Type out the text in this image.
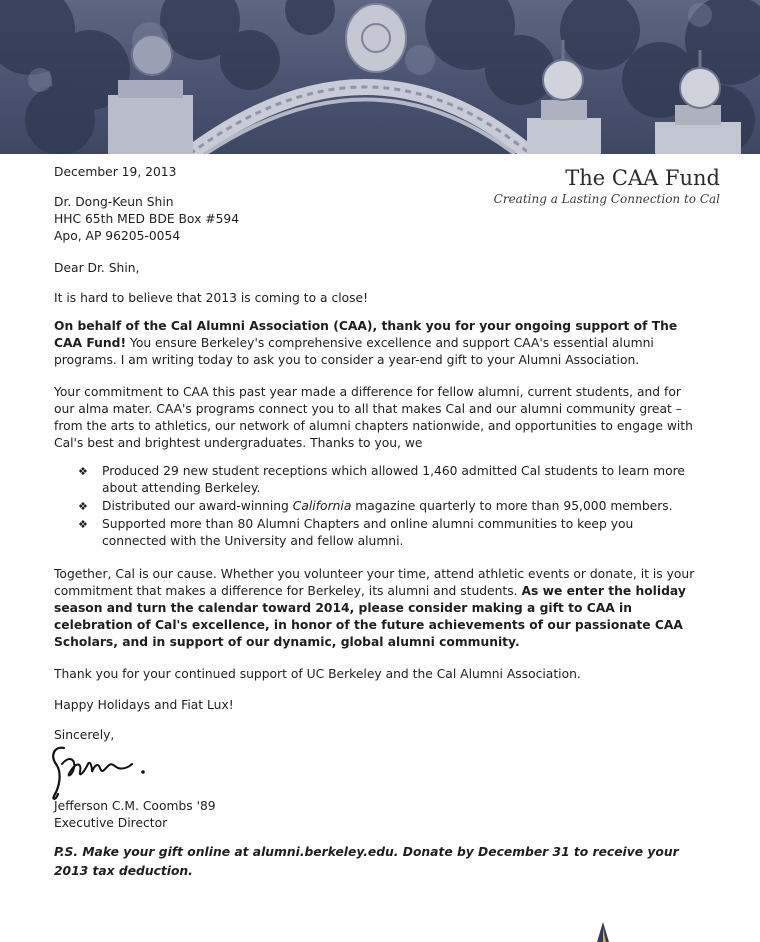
The CAA Fund
Creating a Lasting Connection to Cal
December 19, 2013
Dr. Dong-Keun Shin
HHC 65th MED BDE Box #594
Apo, AP 96205-0054
Dear Dr. Shin,
It is hard to believe that 2013 is coming to a close!
On behalf of the Cal Alumni Association (CAA), thank you for your ongoing support of The CAA Fund! You ensure Berkeley's comprehensive excellence and support CAA's essential alumni programs. I am writing today to ask you to consider a year-end gift to your Alumni Association.
Your commitment to CAA this past year made a difference for fellow alumni, current students, and for our alma mater. CAA's programs connect you to all that makes Cal and our alumni community great – from the arts to athletics, our network of alumni chapters nationwide, and opportunities to engage with Cal's best and brightest undergraduates. Thanks to you, we
❖ Produced 29 new student receptions which allowed 1,460 admitted Cal students to learn more about attending Berkeley.
❖ Distributed our award-winning California magazine quarterly to more than 95,000 members.
❖ Supported more than 80 Alumni Chapters and online alumni communities to keep you connected with the University and fellow alumni.
Together, Cal is our cause. Whether you volunteer your time, attend athletic events or donate, it is your commitment that makes a difference for Berkeley, its alumni and students. As we enter the holiday season and turn the calendar toward 2014, please consider making a gift to CAA in celebration of Cal's excellence, in honor of the future achievements of our passionate CAA Scholars, and in support of our dynamic, global alumni community.
Thank you for your continued support of UC Berkeley and the Cal Alumni Association.
Happy Holidays and Fiat Lux!
Sincerely,
Jefferson C.M. Coombs '89
Executive Director
P.S. Make your gift online at alumni.berkeley.edu. Donate by December 31 to receive your 2013 tax deduction.
